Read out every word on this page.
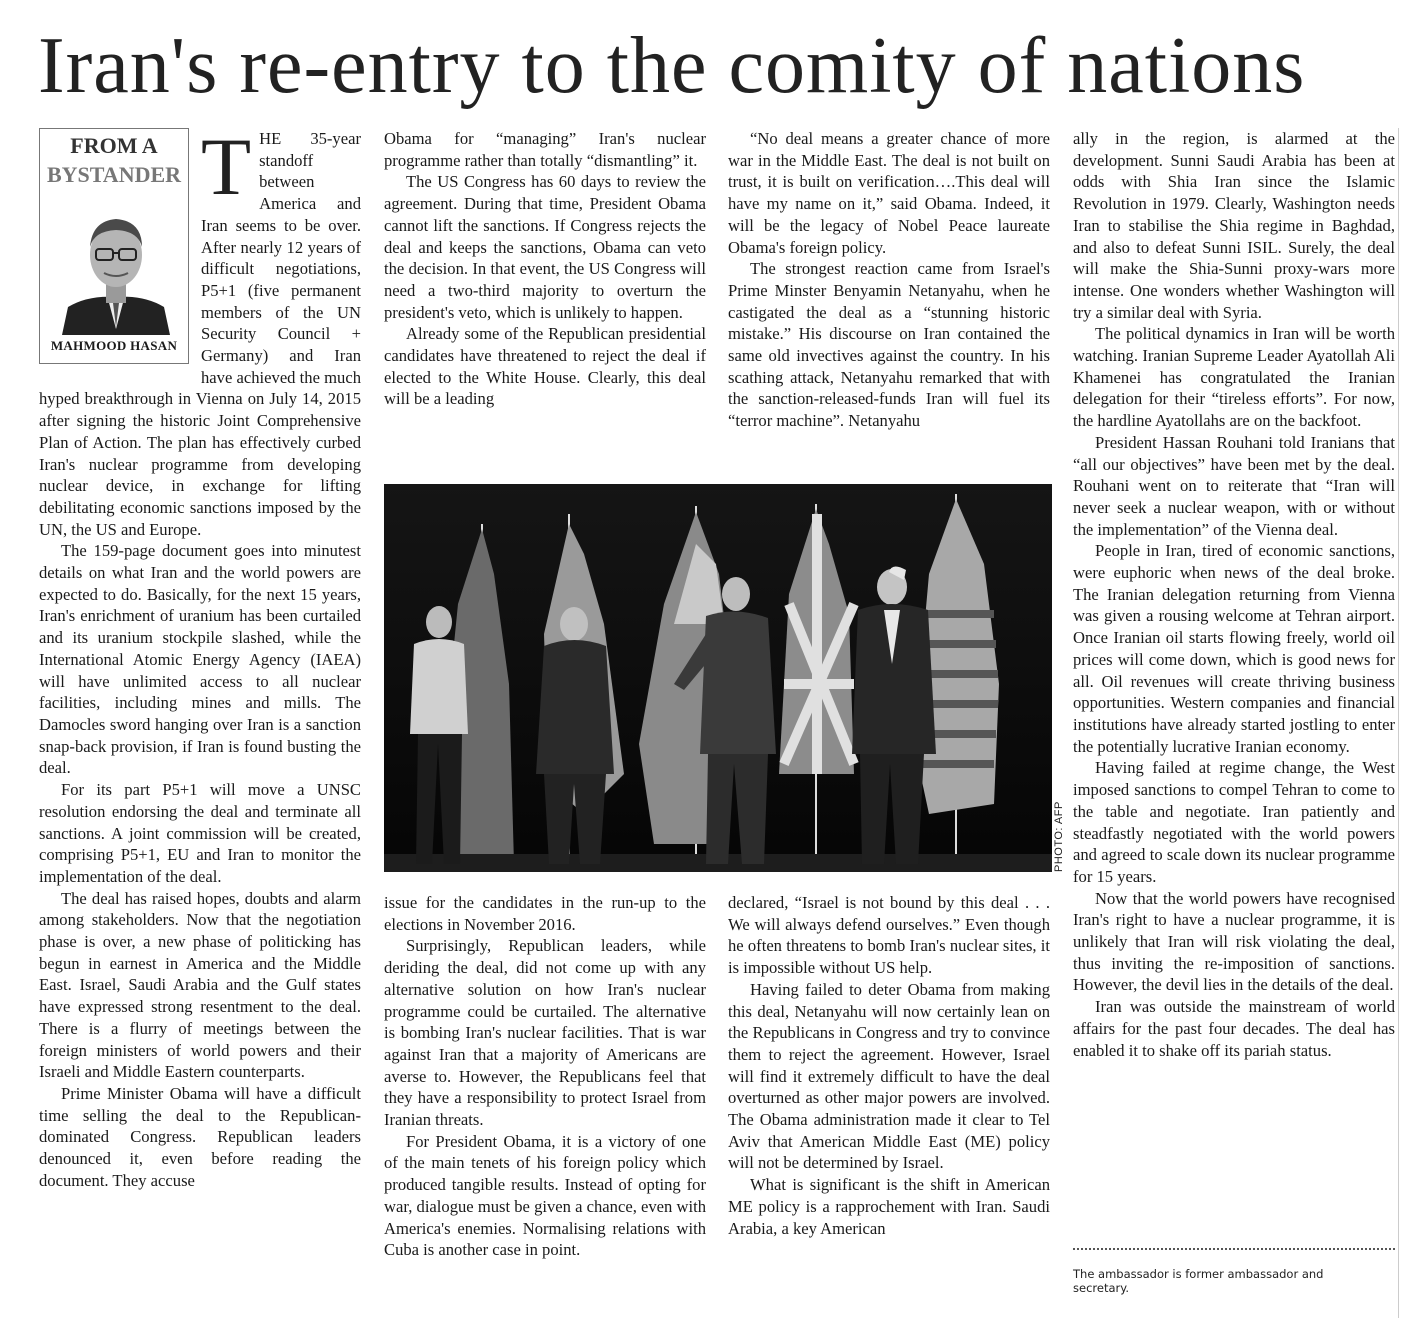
Iran's re-entry to the comity of nations
FROM A
BYSTANDER
MAHMOOD HASAN
T HE 35-year standoff between America and Iran seems to be over. After nearly 12 years of difficult negotiations, P5+1 (five permanent members of the UN Security Council + Germany) and Iran have achieved the much hyped breakthrough in Vienna on July 14, 2015 after signing the historic Joint Comprehensive Plan of Action. The plan has effectively curbed Iran's nuclear programme from developing nuclear device, in exchange for lifting debilitating economic sanctions imposed by the UN, the US and Europe.

The 159-page document goes into minutest details on what Iran and the world powers are expected to do. Basically, for the next 15 years, Iran's enrichment of uranium has been curtailed and its uranium stockpile slashed, while the International Atomic Energy Agency (IAEA) will have unlimited access to all nuclear facilities, including mines and mills. The Damocles sword hanging over Iran is a sanction snap-back provision, if Iran is found busting the deal.

For its part P5+1 will move a UNSC resolution endorsing the deal and terminate all sanctions. A joint commission will be created, comprising P5+1, EU and Iran to monitor the implementation of the deal.

The deal has raised hopes, doubts and alarm among stakeholders. Now that the negotiation phase is over, a new phase of politicking has begun in earnest in America and the Middle East. Israel, Saudi Arabia and the Gulf states have expressed strong resentment to the deal. There is a flurry of meetings between the foreign ministers of world powers and their Israeli and Middle Eastern counterparts.

Prime Minister Obama will have a difficult time selling the deal to the Republican-dominated Congress. Republican leaders denounced it, even before reading the document. They accuse

Obama for “managing” Iran's nuclear programme rather than totally “dismantling” it.

The US Congress has 60 days to review the agreement. During that time, President Obama cannot lift the sanctions. If Congress rejects the deal and keeps the sanctions, Obama can veto the decision. In that event, the US Congress will need a two-third majority to overturn the president's veto, which is unlikely to happen.

Already some of the Republican presidential candidates have threatened to reject the deal if elected to the White House. Clearly, this deal will be a leading

“No deal means a greater chance of more war in the Middle East. The deal is not built on trust, it is built on verification….This deal will have my name on it,” said Obama. Indeed, it will be the legacy of Nobel Peace laureate Obama's foreign policy.

The strongest reaction came from Israel's Prime Minster Benyamin Netanyahu, when he castigated the deal as a “stunning historic mistake.” His discourse on Iran contained the same old invectives against the country. In his scathing attack, Netanyahu remarked that with the sanction-released-funds Iran will fuel its “terror machine”. Netanyahu

PHOTO: AFP

issue for the candidates in the run-up to the elections in November 2016.

Surprisingly, Republican leaders, while deriding the deal, did not come up with any alternative solution on how Iran's nuclear programme could be curtailed. The alternative is bombing Iran's nuclear facilities. That is war against Iran that a majority of Americans are averse to. However, the Republicans feel that they have a responsibility to protect Israel from Iranian threats.

For President Obama, it is a victory of one of the main tenets of his foreign policy which produced tangible results. Instead of opting for war, dialogue must be given a chance, even with America's enemies. Normalising relations with Cuba is another case in point.

declared, “Israel is not bound by this deal . . . We will always defend ourselves.” Even though he often threatens to bomb Iran's nuclear sites, it is impossible without US help.

Having failed to deter Obama from making this deal, Netanyahu will now certainly lean on the Republicans in Congress and try to convince them to reject the agreement. However, Israel will find it extremely difficult to have the deal overturned as other major powers are involved. The Obama administration made it clear to Tel Aviv that American Middle East (ME) policy will not be determined by Israel.

What is significant is the shift in American ME policy is a rapprochement with Iran. Saudi Arabia, a key American

ally in the region, is alarmed at the development. Sunni Saudi Arabia has been at odds with Shia Iran since the Islamic Revolution in 1979. Clearly, Washington needs Iran to stabilise the Shia regime in Baghdad, and also to defeat Sunni ISIL. Surely, the deal will make the Shia-Sunni proxy-wars more intense. One wonders whether Washington will try a similar deal with Syria.

The political dynamics in Iran will be worth watching. Iranian Supreme Leader Ayatollah Ali Khamenei has congratulated the Iranian delegation for their “tireless efforts”. For now, the hardline Ayatollahs are on the backfoot.

President Hassan Rouhani told Iranians that “all our objectives” have been met by the deal. Rouhani went on to reiterate that “Iran will never seek a nuclear weapon, with or without the implementation” of the Vienna deal.

People in Iran, tired of economic sanctions, were euphoric when news of the deal broke. The Iranian delegation returning from Vienna was given a rousing welcome at Tehran airport. Once Iranian oil starts flowing freely, world oil prices will come down, which is good news for all. Oil revenues will create thriving business opportunities. Western companies and financial institutions have already started jostling to enter the potentially lucrative Iranian economy.

Having failed at regime change, the West imposed sanctions to compel Tehran to come to the table and negotiate. Iran patiently and steadfastly negotiated with the world powers and agreed to scale down its nuclear programme for 15 years.

Now that the world powers have recognised Iran's right to have a nuclear programme, it is unlikely that Iran will risk violating the deal, thus inviting the re-imposition of sanctions. However, the devil lies in the details of the deal.

Iran was outside the mainstream of world affairs for the past four decades. The deal has enabled it to shake off its pariah status.

The ambassador is former ambassador and secretary.
